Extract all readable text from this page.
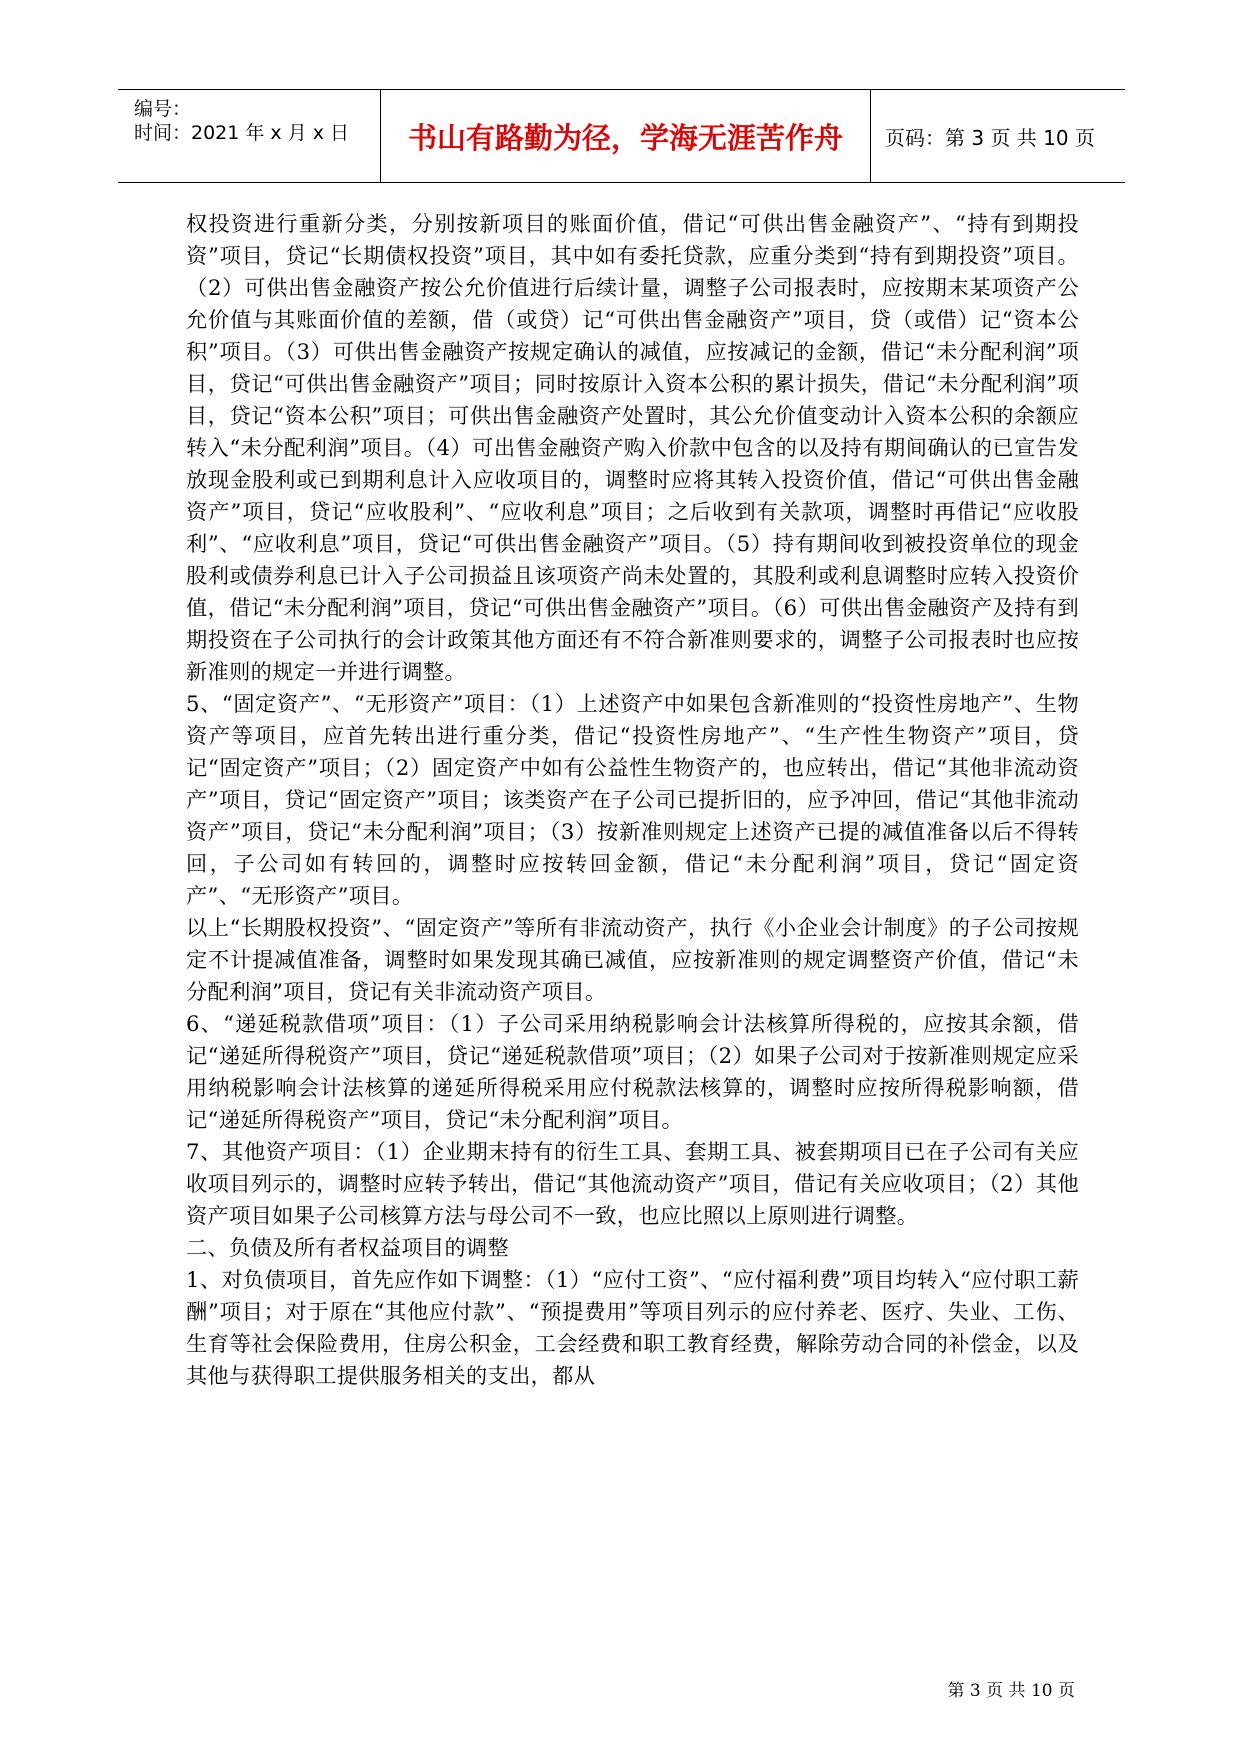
编号：
时间：2021 年 x 月 x 日 书山有路勤为径，学海无涯苦作舟	页码：第 3 页 共 10 页

权投资进行重新分类，分别按新项目的账面价值，借记“可供出售金融资产”、“持有到期投资”项目，贷记“长期债权投资”项目，其中如有委托贷款，应重分类到“持有到期投资”项目。（2）可供出售金融资产按公允价值进行后续计量，调整子公司报表时，应按期末某项资产公允价值与其账面价值的差额，借（或贷）记“可供出售金融资产”项目，贷（或借）记“资本公积”项目。（3）可供出售金融资产按规定确认的减值，应按减记的金额，借记“未分配利润”项目，贷记“可供出售金融资产”项目；同时按原计入资本公积的累计损失，借记“未分配利润”项目，贷记“资本公积”项目；可供出售金融资产处置时，其公允价值变动计入资本公积的余额应转入“未分配利润”项目。（4）可出售金融资产购入价款中包含的以及持有期间确认的已宣告发放现金股利或已到期利息计入应收项目的，调整时应将其转入投资价值，借记“可供出售金融资产”项目，贷记“应收股利”、“应收利息”项目；之后收到有关款项，调整时再借记“应收股利”、“应收利息”项目，贷记“可供出售金融资产”项目。（5）持有期间收到被投资单位的现金股利或债券利息已计入子公司损益且该项资产尚未处置的，其股利或利息调整时应转入投资价值，借记“未分配利润”项目，贷记“可供出售金融资产”项目。（6）可供出售金融资产及持有到期投资在子公司执行的会计政策其他方面还有不符合新准则要求的，调整子公司报表时也应按新准则的规定一并进行调整。

5、“固定资产”、“无形资产”项目：（1）上述资产中如果包含新准则的“投资性房地产”、生物资产等项目，应首先转出进行重分类，借记“投资性房地产”、“生产性生物资产”项目，贷记“固定资产”项目；（2）固定资产中如有公益性生物资产的，也应转出，借记“其他非流动资产”项目，贷记“固定资产”项目；该类资产在子公司已提折旧的，应予冲回，借记“其他非流动资产”项目，贷记“未分配利润”项目；（3）按新准则规定上述资产已提的减值准备以后不得转回，子公司如有转回的，调整时应按转回金额，借记“未分配利润”项目，贷记“固定资产”、“无形资产”项目。

以上“长期股权投资”、“固定资产”等所有非流动资产，执行《小企业会计制度》的子公司按规定不计提减值准备，调整时如果发现其确已减值，应按新准则的规定调整资产价值，借记“未分配利润”项目，贷记有关非流动资产项目。

6、“递延税款借项”项目：（1）子公司采用纳税影响会计法核算所得税的，应按其余额，借记“递延所得税资产”项目，贷记“递延税款借项”项目；（2）如果子公司对于按新准则规定应采用纳税影响会计法核算的递延所得税采用应付税款法核算的，调整时应按所得税影响额，借记“递延所得税资产”项目，贷记“未分配利润”项目。

7、其他资产项目：（1）企业期末持有的衍生工具、套期工具、被套期项目已在子公司有关应收项目列示的，调整时应转予转出，借记“其他流动资产”项目，借记有关应收项目；（2）其他资产项目如果子公司核算方法与母公司不一致，也应比照以上原则进行调整。

二、负债及所有者权益项目的调整

1、对负债项目，首先应作如下调整：（1）“应付工资”、“应付福利费”项目均转入“应付职工薪酬”项目；对于原在“其他应付款”、“预提费用”等项目列示的应付养老、医疗、失业、工伤、生育等社会保险费用，住房公积金，工会经费和职工教育经费，解除劳动合同的补偿金，以及其他与获得职工提供服务相关的支出，都从

第 3 页 共 10 页
